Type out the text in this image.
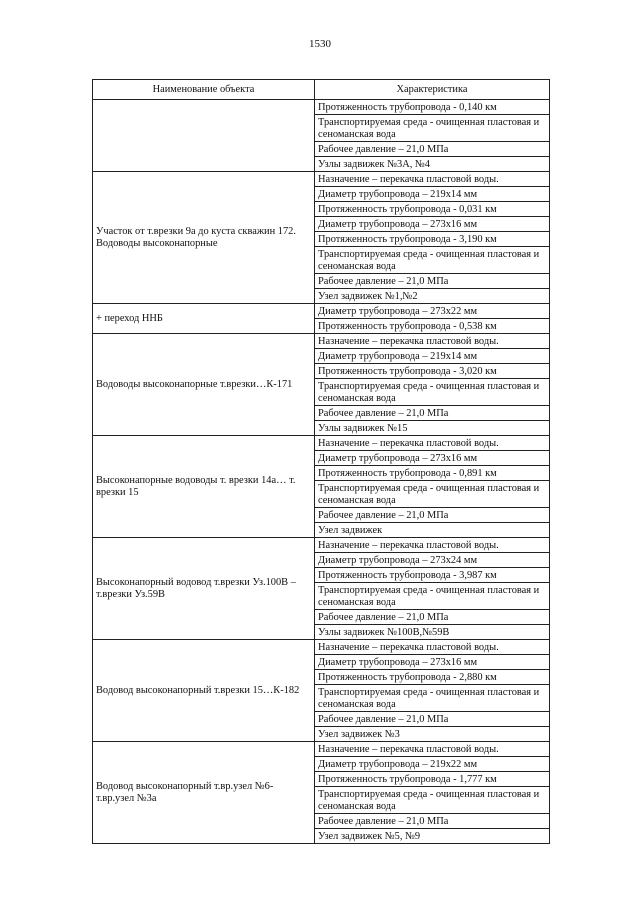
1530
Наименование объекта	Характеристика
	Протяженность трубопровода - 0,140 км
	Транспортируемая среда - очищенная пластовая и сеноманская вода
	Рабочее давление – 21,0 МПа
	Узлы задвижек №3А, №4
Участок от т.врезки 9а до куста скважин 172. Водоводы высоконапорные	Назначение – перекачка пластовой воды.
	Диаметр трубопровода – 219х14 мм
	Протяженность трубопровода - 0,031 км
	Диаметр трубопровода – 273х16 мм
	Протяженность трубопровода - 3,190 км
	Транспортируемая среда - очищенная пластовая и сеноманская вода
	Рабочее давление – 21,0 МПа
	Узел задвижек №1,№2
+ переход ННБ	Диаметр трубопровода – 273х22 мм
	Протяженность трубопровода - 0,538 км
Водоводы высоконапорные т.врезки…К-171	Назначение – перекачка пластовой воды.
	Диаметр трубопровода – 219х14 мм
	Протяженность трубопровода - 3,020 км
	Транспортируемая среда - очищенная пластовая и сеноманская вода
	Рабочее давление – 21,0 МПа
	Узлы задвижек №15
Высоконапорные водоводы т. врезки 14а… т. врезки 15	Назначение – перекачка пластовой воды.
	Диаметр трубопровода – 273х16 мм
	Протяженность трубопровода - 0,891 км
	Транспортируемая среда - очищенная пластовая и сеноманская вода
	Рабочее давление – 21,0 МПа
	Узел задвижек
Высоконапорный водовод т.врезки Уз.100В – т.врезки Уз.59В	Назначение – перекачка пластовой воды.
	Диаметр трубопровода – 273х24 мм
	Протяженность трубопровода - 3,987 км
	Транспортируемая среда - очищенная пластовая и сеноманская вода
	Рабочее давление – 21,0 МПа
	Узлы задвижек №100В,№59В
Водовод высоконапорный т.врезки 15…К-182	Назначение – перекачка пластовой воды.
	Диаметр трубопровода – 273х16 мм
	Протяженность трубопровода - 2,880 км
	Транспортируемая среда - очищенная пластовая и сеноманская вода
	Рабочее давление – 21,0 МПа
	Узел задвижек №3
Водовод высоконапорный т.вр.узел №6-т.вр.узел №3а	Назначение – перекачка пластовой воды.
	Диаметр трубопровода – 219х22 мм
	Протяженность трубопровода - 1,777 км
	Транспортируемая среда - очищенная пластовая и сеноманская вода
	Рабочее давление – 21,0 МПа
	Узел задвижек №5, №9
